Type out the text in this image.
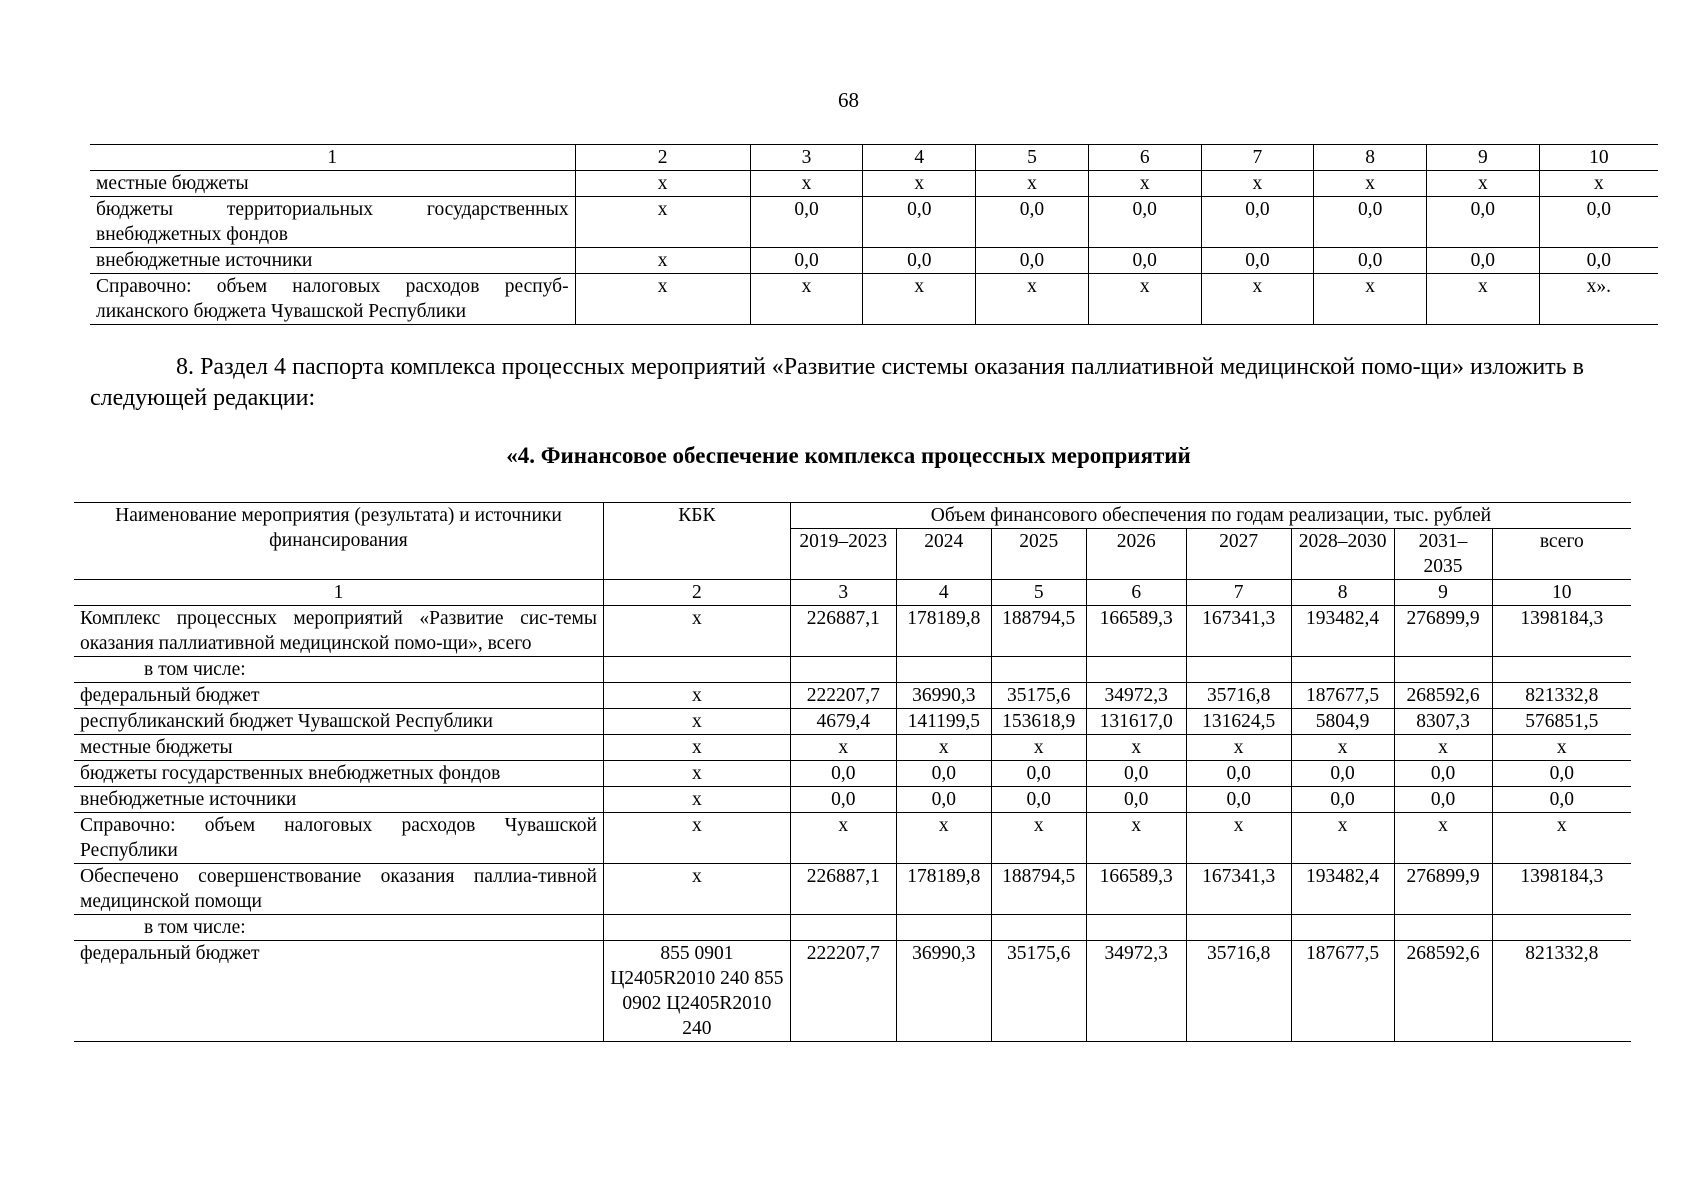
68
1	2	3	4	5	6	7	8	9	10
местные бюджеты	x	x	x	x	x	x	x	x	x
бюджеты территориальных государственных внебюджетных фондов	x	0,0	0,0	0,0	0,0	0,0	0,0	0,0	0,0
внебюджетные источники	x	0,0	0,0	0,0	0,0	0,0	0,0	0,0	0,0
Справочно: объем налоговых расходов респуб-ликанского бюджета Чувашской Республики	x	x	x	x	x	x	x	x	x».
8. Раздел 4 паспорта комплекса процессных мероприятий «Развитие системы оказания паллиативной медицинской помо-щи» изложить в следующей редакции:
«4. Финансовое обеспечение комплекса процессных мероприятий
Наименование мероприятия (результата) и источники финансирования	КБК	Объем финансового обеспечения по годам реализации, тыс. рублей							
		2019–2023	2024	2025	2026	2027	2028–2030	2031–2035	всего
1	2	3	4	5	6	7	8	9	10
Комплекс процессных мероприятий «Развитие сис-темы оказания паллиативной медицинской помо-щи», всего	x	226887,1	178189,8	188794,5	166589,3	167341,3	193482,4	276899,9	1398184,3
в том числе:									
федеральный бюджет	x	222207,7	36990,3	35175,6	34972,3	35716,8	187677,5	268592,6	821332,8
республиканский бюджет Чувашской Республики	x	4679,4	141199,5	153618,9	131617,0	131624,5	5804,9	8307,3	576851,5
местные бюджеты	x	x	x	x	x	x	x	x	x
бюджеты государственных внебюджетных фондов	x	0,0	0,0	0,0	0,0	0,0	0,0	0,0	0,0
внебюджетные источники	x	0,0	0,0	0,0	0,0	0,0	0,0	0,0	0,0
Справочно: объем налоговых расходов Чувашской Республики	x	x	x	x	x	x	x	x	x
Обеспечено совершенствование оказания паллиа-тивной медицинской помощи	x	226887,1	178189,8	188794,5	166589,3	167341,3	193482,4	276899,9	1398184,3
в том числе:									
федеральный бюджет	855 0901 Ц2405R2010 240 855 0902 Ц2405R2010 240	222207,7	36990,3	35175,6	34972,3	35716,8	187677,5	268592,6	821332,8
